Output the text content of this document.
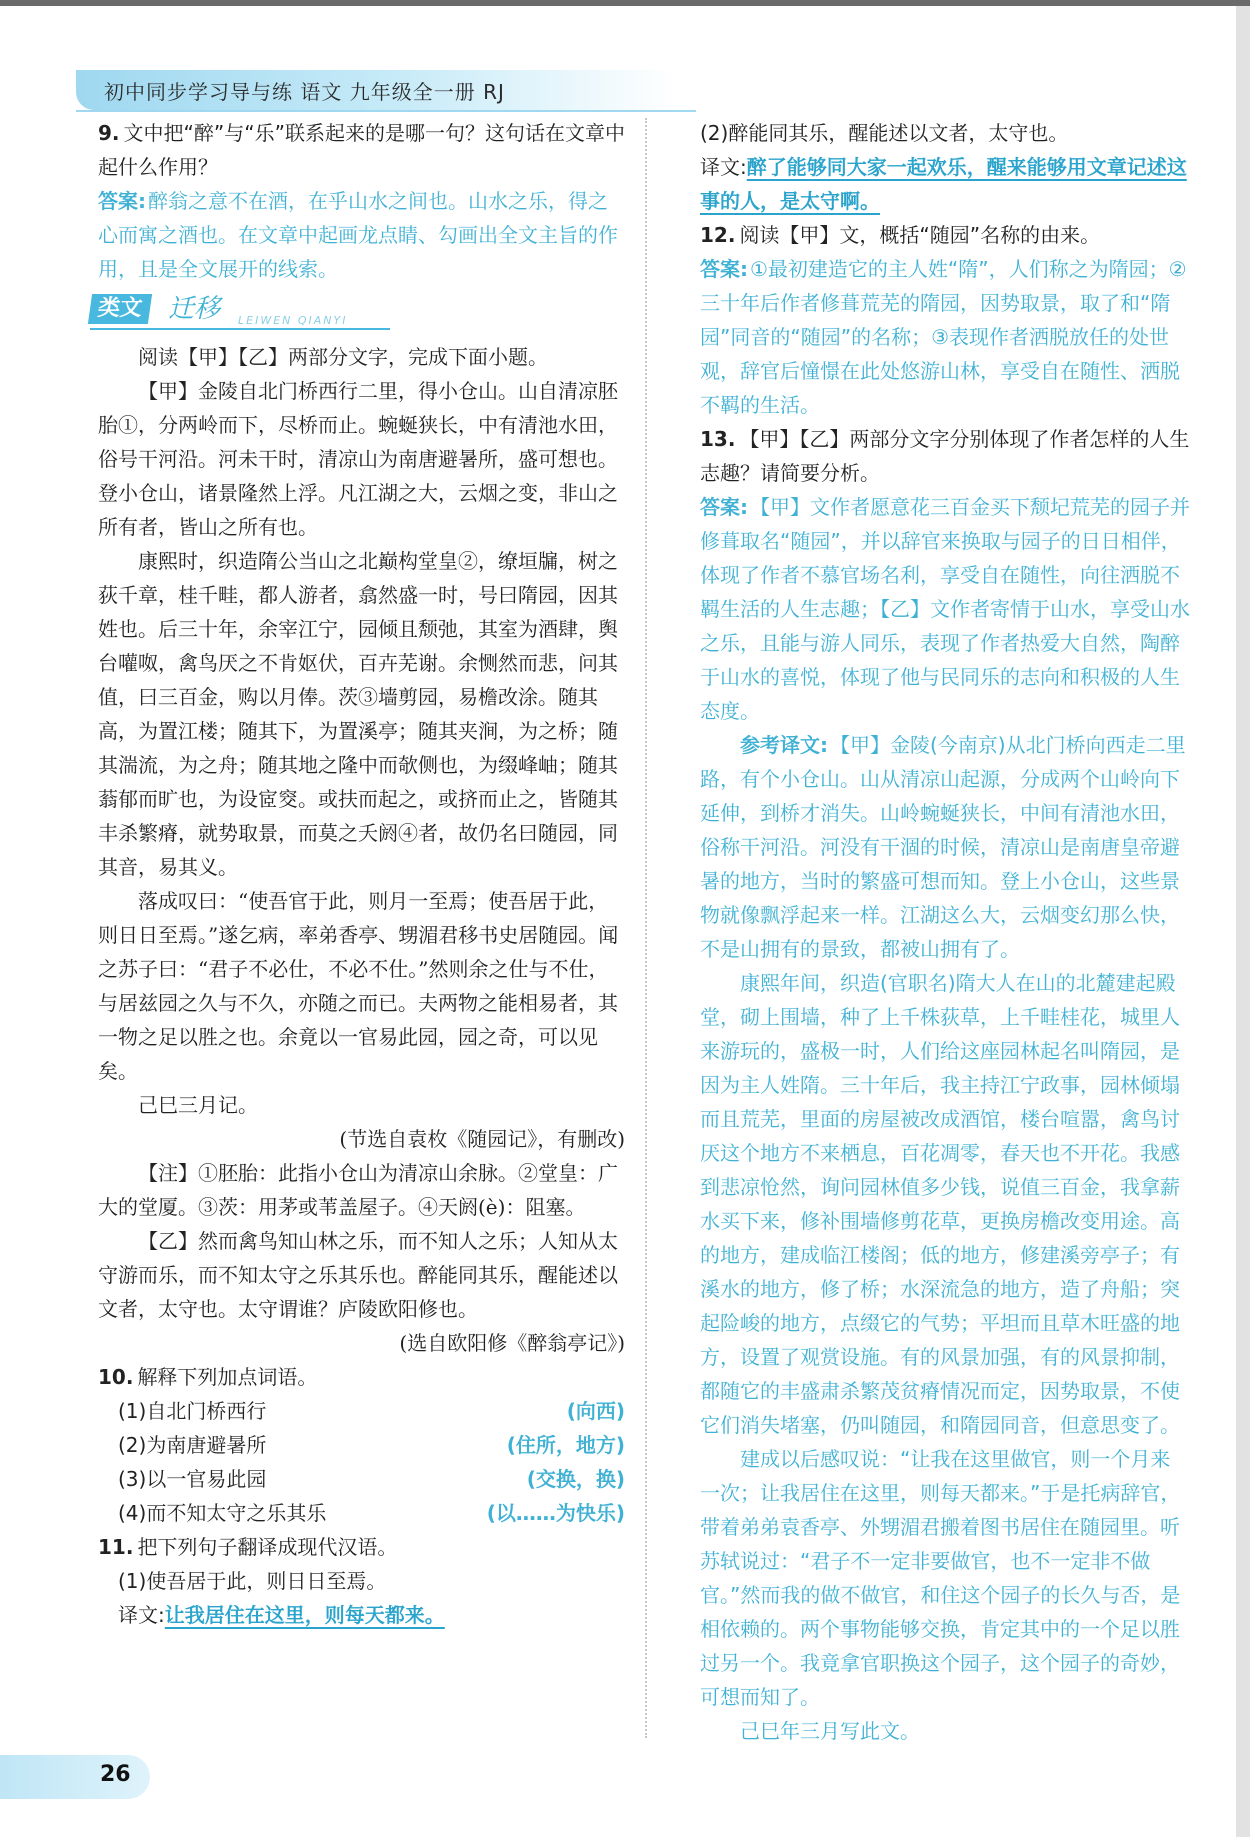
初中同步学习导与练 语文 九年级全一册 RJ
9. 文中把“醉”与“乐”联系起来的是哪一句？这句话在文章中起什么作用？
答案: 醉翁之意不在酒，在乎山水之间也。山水之乐，得之心而寓之酒也。在文章中起画龙点睛、勾画出全文主旨的作用，且是全文展开的线索。
类文 迁移 LEIWEN QIANYI

阅读【甲】【乙】两部分文字，完成下面小题。

【甲】金陵自北门桥西行二里，得小仓山。山自清凉胚胎①，分两岭而下，尽桥而止。蜿蜒狭长，中有清池水田，俗号干河沿。河未干时，清凉山为南唐避暑所，盛可想也。登小仓山，诸景隆然上浮。凡江湖之大，云烟之变，非山之所有者，皆山之所有也。

康熙时，织造隋公当山之北巅构堂皇②，缭垣牖，树之荻千章，桂千畦，都人游者，翕然盛一时，号曰隋园，因其姓也。后三十年，余宰江宁，园倾且颓弛，其室为酒肆，舆台嚾呶，禽鸟厌之不肯妪伏，百卉芜谢。余恻然而悲，问其值，曰三百金，购以月俸。茨③墙剪园，易檐改涂。随其高，为置江楼；随其下，为置溪亭；随其夹涧，为之桥；随其湍流，为之舟；随其地之隆中而欹侧也，为缀峰岫；随其蓊郁而旷也，为设宧窔。或扶而起之，或挤而止之，皆随其丰杀繁瘠，就势取景，而莫之夭阏④者，故仍名曰随园，同其音，易其义。

落成叹曰：“使吾官于此，则月一至焉；使吾居于此，则日日至焉。”遂乞病，率弟香亭、甥湄君移书史居随园。闻之苏子曰：“君子不必仕，不必不仕。”然则余之仕与不仕，与居兹园之久与不久，亦随之而已。夫两物之能相易者，其一物之足以胜之也。余竟以一官易此园，园之奇，可以见矣。

己巳三月记。

(节选自袁枚《随园记》，有删改)

【注】①胚胎：此指小仓山为清凉山余脉。②堂皇：广大的堂厦。③茨：用茅或苇盖屋子。④天阏(è)：阻塞。

【乙】然而禽鸟知山林之乐，而不知人之乐；人知从太守游而乐，而不知太守之乐其乐也。醉能同其乐，醒能述以文者，太守也。太守谓谁？庐陵欧阳修也。

(选自欧阳修《醉翁亭记》)

10. 解释下列加点词语。
(1)自北门桥西行	(向西)
(2)为南唐避暑所	(住所，地方)
(3)以一官易此园	(交换，换)
(4)而不知太守之乐其乐	(以……为快乐)
11. 把下列句子翻译成现代汉语。
(1)使吾居于此，则日日至焉。
译文:让我居住在这里，则每天都来。
(2)醉能同其乐，醒能述以文者，太守也。
译文:醉了能够同大家一起欢乐，醒来能够用文章记述这事的人，是太守啊。
12. 阅读【甲】文，概括“随园”名称的由来。
答案: ①最初建造它的主人姓“隋”，人们称之为隋园；②三十年后作者修葺荒芜的隋园，因势取景，取了和“隋园”同音的“随园”的名称；③表现作者洒脱放任的处世观，辞官后憧憬在此处悠游山林，享受自在随性、洒脱不羁的生活。
13. 【甲】【乙】两部分文字分别体现了作者怎样的人生志趣？请简要分析。
答案: 【甲】文作者愿意花三百金买下颓圮荒芜的园子并修葺取名“随园”，并以辞官来换取与园子的日日相伴，体现了作者不慕官场名利，享受自在随性，向往洒脱不羁生活的人生志趣；【乙】文作者寄情于山水，享受山水之乐，且能与游人同乐，表现了作者热爱大自然，陶醉于山水的喜悦，体现了他与民同乐的志向和积极的人生态度。
参考译文: 【甲】金陵(今南京)从北门桥向西走二里路，有个小仓山。山从清凉山起源，分成两个山岭向下延伸，到桥才消失。山岭蜿蜒狭长，中间有清池水田，俗称干河沿。河没有干涸的时候，清凉山是南唐皇帝避暑的地方，当时的繁盛可想而知。登上小仓山，这些景物就像飘浮起来一样。江湖这么大，云烟变幻那么快，不是山拥有的景致，都被山拥有了。

康熙年间，织造(官职名)隋大人在山的北麓建起殿堂，砌上围墙，种了上千株荻草，上千畦桂花，城里人来游玩的，盛极一时，人们给这座园林起名叫隋园，是因为主人姓隋。三十年后，我主持江宁政事，园林倾塌而且荒芜，里面的房屋被改成酒馆，楼台喧嚣，禽鸟讨厌这个地方不来栖息，百花凋零，春天也不开花。我感到悲凉怆然，询问园林值多少钱，说值三百金，我拿薪水买下来，修补围墙修剪花草，更换房檐改变用途。高的地方，建成临江楼阁；低的地方，修建溪旁亭子；有溪水的地方，修了桥；水深流急的地方，造了舟船；突起险峻的地方，点缀它的气势；平坦而且草木旺盛的地方，设置了观赏设施。有的风景加强，有的风景抑制，都随它的丰盛肃杀繁茂贫瘠情况而定，因势取景，不使它们消失堵塞，仍叫随园，和隋园同音，但意思变了。

建成以后感叹说：“让我在这里做官，则一个月来一次；让我居住在这里，则每天都来。”于是托病辞官，带着弟弟袁香亭、外甥湄君搬着图书居住在随园里。听苏轼说过：“君子不一定非要做官，也不一定非不做官。”然而我的做不做官，和住这个园子的长久与否，是相依赖的。两个事物能够交换，肯定其中的一个足以胜过另一个。我竟拿官职换这个园子，这个园子的奇妙，可想而知了。

己巳年三月写此文。

26
